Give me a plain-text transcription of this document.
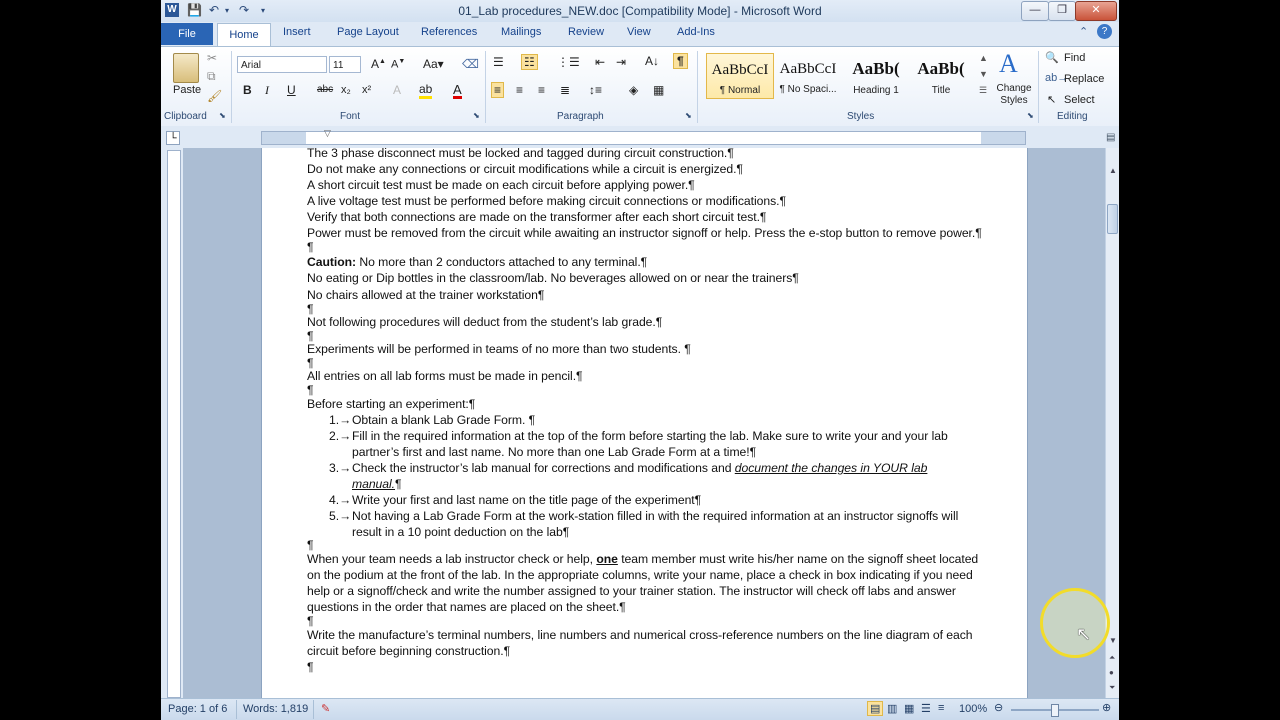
01_Lab procedures_NEW.doc [Compatibility Mode] - Microsoft Word
W 💾 ↶ ▾ ↷ ▾	—	❐	✕
File	Home	Insert Page Layout References Mailings Review View Add-Ins	⌃	?
Paste
✂
⧉
🖌
Clipboard ⬊
Arial	11	A▲ A▼ Aa▾ ⌫
B I U abc x₂ x² A ab A
Font	⬊
☰ ☷ ⋮☰ ⇤ ⇥ A↓	¶
≡ ≡ ≡ ≣ ↕≡ ◈ ▦
Paragraph	⬊
AaBbCcI
¶ Normal
AaBbCcI
¶ No Spaci...
AaBb(
Heading 1
AaBb(
Title
▲
▼
☰
A
Change Styles
Styles	⬊
🔍 Find
ab→
Replace
↖ Select
Editing
└	▽	▤
The 3 phase disconnect must be locked and tagged during circuit construction.¶
Do not make any connections or circuit modifications while a circuit is energized.¶
A short circuit test must be made on each circuit before applying power.¶
A live voltage test must be performed before making circuit connections or modifications.¶
Verify that both connections are made on the transformer after each short circuit test.¶
Power must be removed from the circuit while awaiting an instructor signoff or help. Press the e-stop button to remove power.¶
¶
Caution: No more than 2 conductors attached to any terminal.¶
No eating or Dip bottles in the classroom/lab. No beverages allowed on or near the trainers¶
No chairs allowed at the trainer workstation¶
¶
Not following procedures will deduct from the student’s lab grade.¶
¶
Experiments will be performed in teams of no more than two students. ¶
¶
All entries on all lab forms must be made in pencil.¶
¶
Before starting an experiment:¶
1.→ Obtain a blank Lab Grade Form. ¶
2.→ Fill in the required information at the top of the form before starting the lab. Make sure to write your and your lab partner’s first and last name. No more than one Lab Grade Form at a time!¶
3.→ Check the instructor’s lab manual for corrections and modifications and document the changes in YOUR lab manual.¶
4.→ Write your first and last name on the title page of the experiment¶
5.→ Not having a Lab Grade Form at the work-station filled in with the required information at an instructor signoffs will result in a 10 point deduction on the lab¶
¶
When your team needs a lab instructor check or help, one team member must write his/her name on the signoff sheet located on the podium at the front of the lab. In the appropriate columns, write your name, place a check in box indicating if you need help or a signoff/check and write the number assigned to your trainer station. The instructor will check off labs and answer questions in the order that names are placed on the sheet.¶
¶
Write the manufacture’s terminal numbers, line numbers and numerical cross-reference numbers on the line diagram of each circuit before beginning construction.¶
¶
▲
▼
⏶
●
⏷
Page: 1 of 6 Words: 1,819 ✎	▤ ▥ ▦ ☰ ≡ 100% ⊖	⊕
↖
